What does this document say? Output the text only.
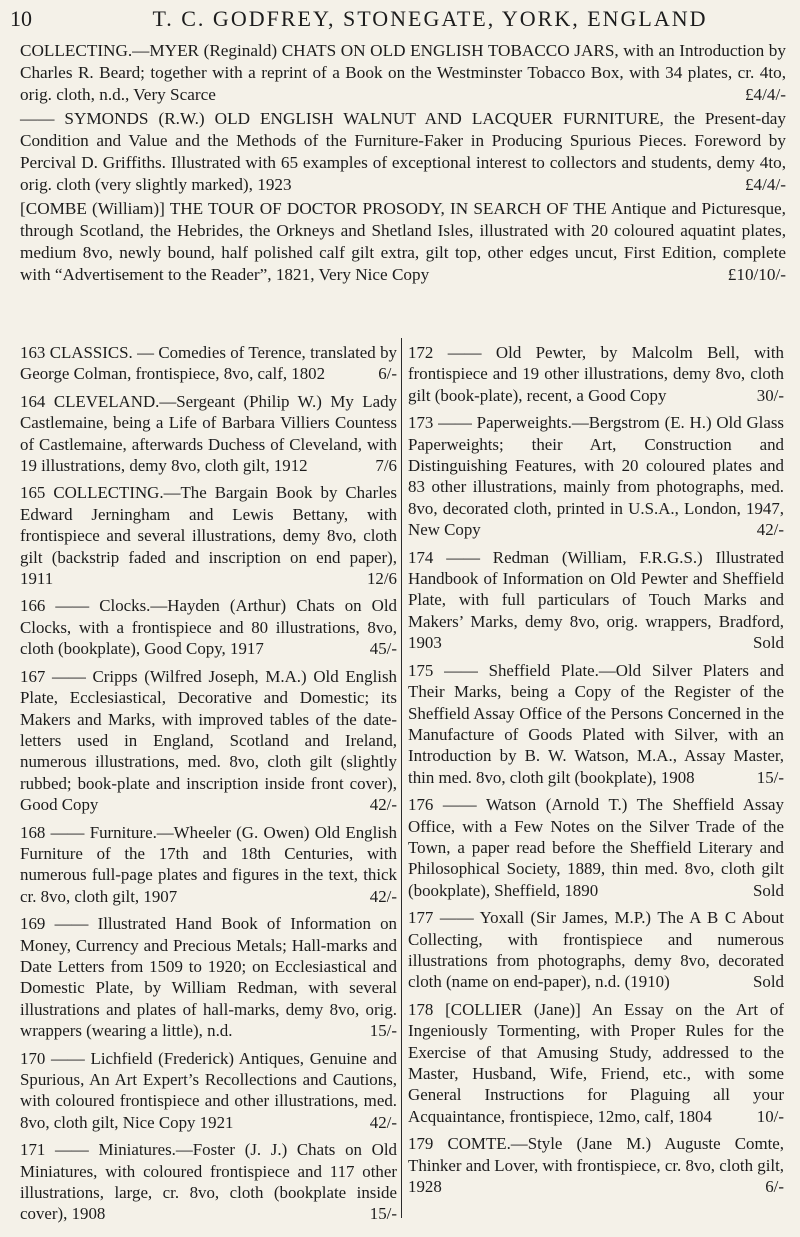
10	T. C. GODFREY, STONEGATE, YORK, ENGLAND

COLLECTING.—MYER (Reginald) CHATS ON OLD ENGLISH TOBACCO JARS, with an Introduction by Charles R. Beard; together with a reprint of a Book on the Westminster Tobacco Box, with 34 plates, cr. 4to, orig. cloth, n.d., Very Scarce	£4/4/-

—— SYMONDS (R.W.) OLD ENGLISH WALNUT AND LACQUER FURNITURE, the Present-day Condition and Value and the Methods of the Furniture-Faker in Producing Spurious Pieces. Foreword by Percival D. Griffiths. Illustrated with 65 examples of exceptional interest to collectors and students, demy 4to, orig. cloth (very slightly marked), 1923	£4/4/-

[COMBE (William)] THE TOUR OF DOCTOR PROSODY, IN SEARCH OF THE Antique and Picturesque, through Scotland, the Hebrides, the Orkneys and Shetland Isles, illustrated with 20 coloured aquatint plates, medium 8vo, newly bound, half polished calf gilt extra, gilt top, other edges uncut, First Edition, complete with “Advertisement to the Reader”, 1821, Very Nice Copy	£10/10/-

163 CLASSICS. — Comedies of Terence, translated by George Colman, frontispiece, 8vo, calf, 1802	6/-
164 CLEVELAND.—Sergeant (Philip W.) My Lady Castlemaine, being a Life of Barbara Villiers Countess of Castlemaine, afterwards Duchess of Cleveland, with 19 illustrations, demy 8vo, cloth gilt, 1912	7/6
165 COLLECTING.—The Bargain Book by Charles Edward Jerningham and Lewis Bettany, with frontispiece and several illustrations, demy 8vo, cloth gilt (backstrip faded and inscription on end paper), 1911	12/6
166 —— Clocks.—Hayden (Arthur) Chats on Old Clocks, with a frontispiece and 80 illustrations, 8vo, cloth (bookplate), Good Copy, 1917	45/-
167 —— Cripps (Wilfred Joseph, M.A.) Old English Plate, Ecclesiastical, Decorative and Domestic; its Makers and Marks, with improved tables of the date-letters used in England, Scotland and Ireland, numerous illustrations, med. 8vo, cloth gilt (slightly rubbed; book-plate and inscription inside front cover), Good Copy	42/-
168 —— Furniture.—Wheeler (G. Owen) Old English Furniture of the 17th and 18th Centuries, with numerous full-page plates and figures in the text, thick cr. 8vo, cloth gilt, 1907	42/-
169 —— Illustrated Hand Book of Information on Money, Currency and Precious Metals; Hall-marks and Date Letters from 1509 to 1920; on Ecclesiastical and Domestic Plate, by William Redman, with several illustrations and plates of hall-marks, demy 8vo, orig. wrappers (wearing a little), n.d.	15/-
170 —— Lichfield (Frederick) Antiques, Genuine and Spurious, An Art Expert’s Recollections and Cautions, with coloured frontispiece and other illustrations, med. 8vo, cloth gilt, Nice Copy 1921	42/-
171 —— Miniatures.—Foster (J. J.) Chats on Old Miniatures, with coloured frontispiece and 117 other illustrations, large, cr. 8vo, cloth (bookplate inside cover), 1908	15/-
172 —— Old Pewter, by Malcolm Bell, with frontispiece and 19 other illustrations, demy 8vo, cloth gilt (book-plate), recent, a Good Copy	30/-
173 —— Paperweights.—Bergstrom (E. H.) Old Glass Paperweights; their Art, Construction and Distinguishing Features, with 20 coloured plates and 83 other illustrations, mainly from photographs, med. 8vo, decorated cloth, printed in U.S.A., London, 1947, New Copy	42/-
174 —— Redman (William, F.R.G.S.) Illustrated Handbook of Information on Old Pewter and Sheffield Plate, with full particulars of Touch Marks and Makers’ Marks, demy 8vo, orig. wrappers, Bradford, 1903	Sold
175 —— Sheffield Plate.—Old Silver Platers and Their Marks, being a Copy of the Register of the Sheffield Assay Office of the Persons Concerned in the Manufacture of Goods Plated with Silver, with an Introduction by B. W. Watson, M.A., Assay Master, thin med. 8vo, cloth gilt (bookplate), 1908	15/-
176 —— Watson (Arnold T.) The Sheffield Assay Office, with a Few Notes on the Silver Trade of the Town, a paper read before the Sheffield Literary and Philosophical Society, 1889, thin med. 8vo, cloth gilt (bookplate), Sheffield, 1890	Sold
177 —— Yoxall (Sir James, M.P.) The A B C About Collecting, with frontispiece and numerous illustrations from photographs, demy 8vo, decorated cloth (name on end-paper), n.d. (1910)	Sold
178 [COLLIER (Jane)] An Essay on the Art of Ingeniously Tormenting, with Proper Rules for the Exercise of that Amusing Study, addressed to the Master, Husband, Wife, Friend, etc., with some General Instructions for Plaguing all your Acquaintance, frontispiece, 12mo, calf, 1804	10/-
179 COMTE.—Style (Jane M.) Auguste Comte, Thinker and Lover, with frontispiece, cr. 8vo, cloth gilt, 1928	6/-
